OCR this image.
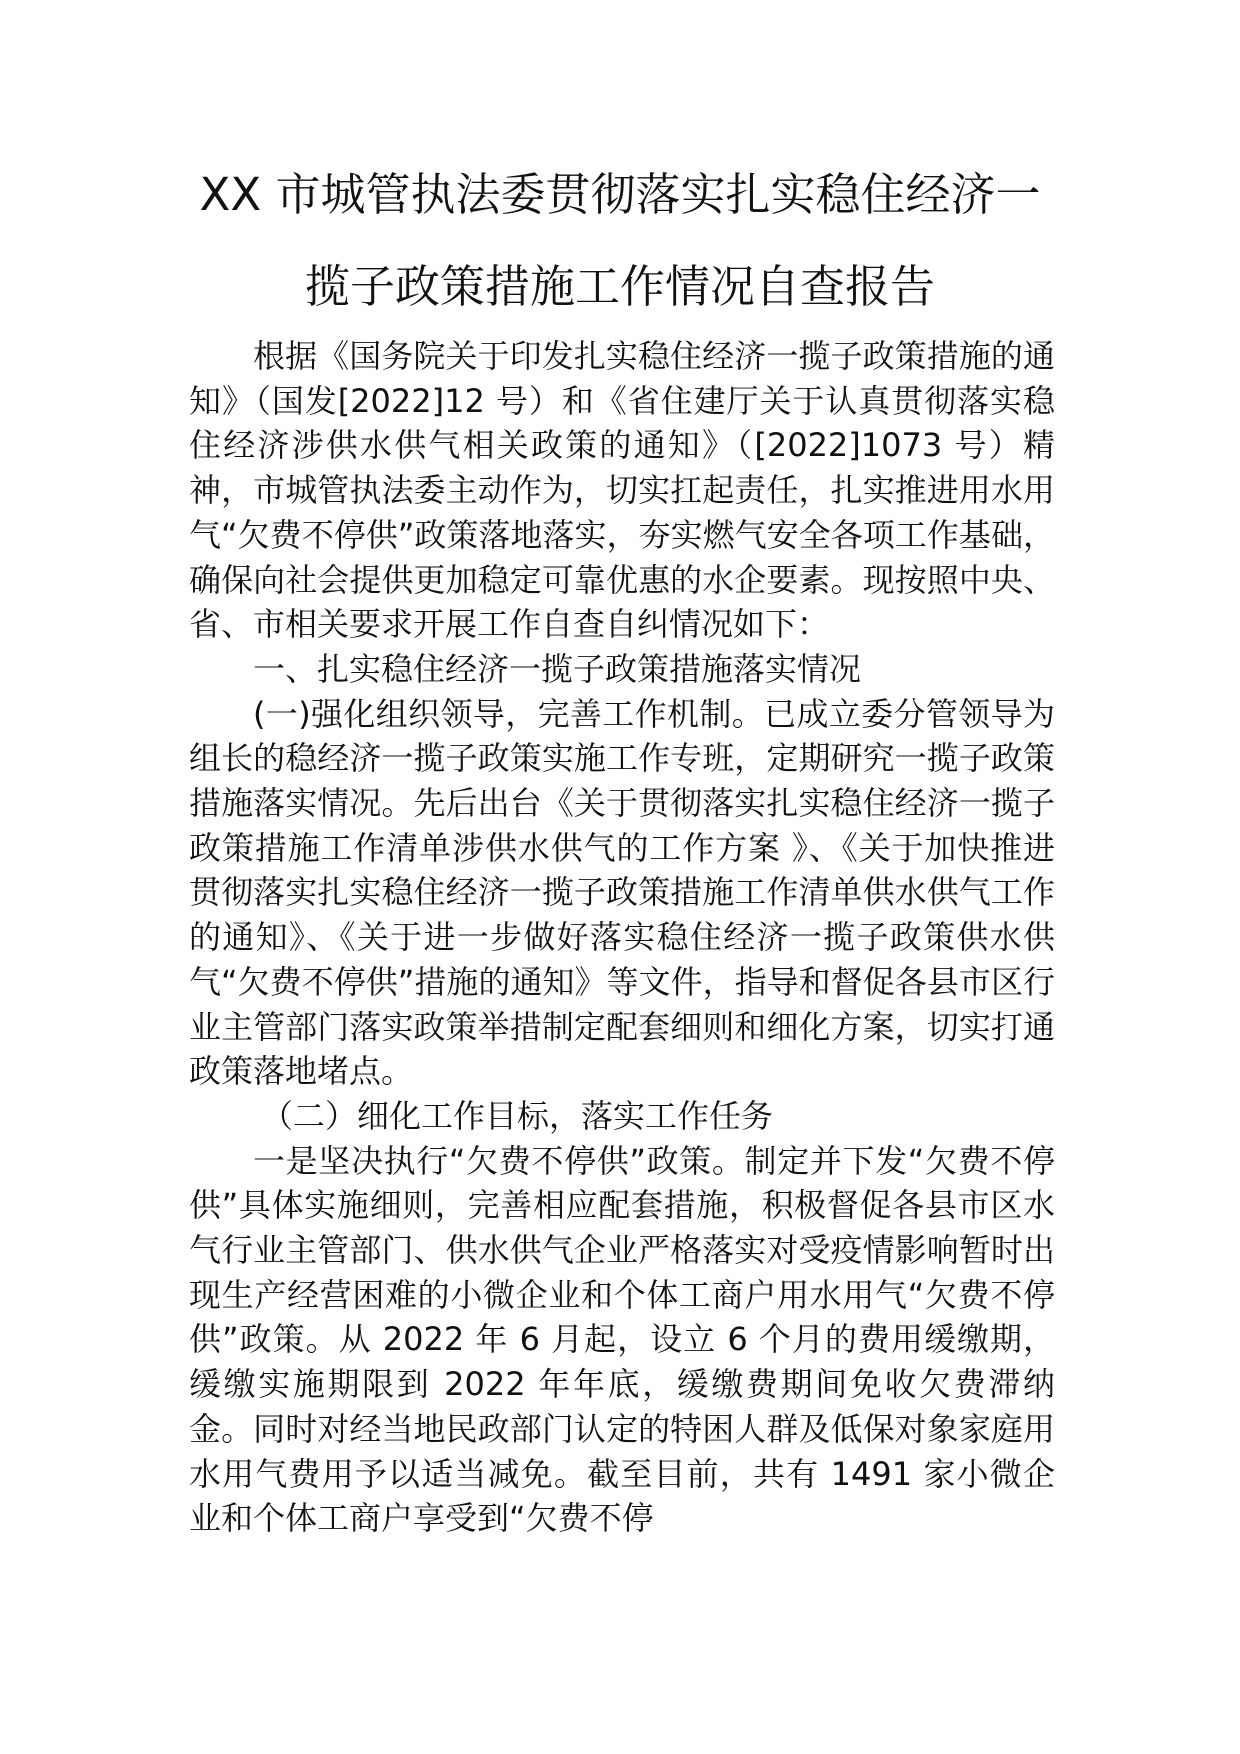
XX 市城管执法委贯彻落实扎实稳住经济一
揽子政策措施工作情况自查报告

根据《国务院关于印发扎实稳住经济一揽子政策措施的通知》（国发[2022]12 号）和《省住建厅关于认真贯彻落实稳住经济涉供水供气相关政策的通知》（[2022]1073 号）精神，市城管执法委主动作为，切实扛起责任，扎实推进用水用气“欠费不停供”政策落地落实，夯实燃气安全各项工作基础，确保向社会提供更加稳定可靠优惠的水企要素。现按照中央、省、市相关要求开展工作自查自纠情况如下：

一、扎实稳住经济一揽子政策措施落实情况

(一)强化组织领导，完善工作机制。已成立委分管领导为组长的稳经济一揽子政策实施工作专班，定期研究一揽子政策措施落实情况。先后出台《关于贯彻落实扎实稳住经济一揽子政策措施工作清单涉供水供气的工作方案 》、《关于加快推进贯彻落实扎实稳住经济一揽子政策措施工作清单供水供气工作的通知》、《关于进一步做好落实稳住经济一揽子政策供水供气“欠费不停供”措施的通知》等文件，指导和督促各县市区行业主管部门落实政策举措制定配套细则和细化方案，切实打通政策落地堵点。

（二）细化工作目标，落实工作任务

一是坚决执行“欠费不停供”政策。制定并下发“欠费不停供”具体实施细则，完善相应配套措施，积极督促各县市区水气行业主管部门、供水供气企业严格落实对受疫情影响暂时出现生产经营困难的小微企业和个体工商户用水用气“欠费不停供”政策。从 2022 年 6 月起，设立 6 个月的费用缓缴期，缓缴实施期限到 2022 年年底，缓缴费期间免收欠费滞纳金。同时对经当地民政部门认定的特困人群及低保对象家庭用水用气费用予以适当减免。截至目前，共有 1491 家小微企业和个体工商户享受到“欠费不停
